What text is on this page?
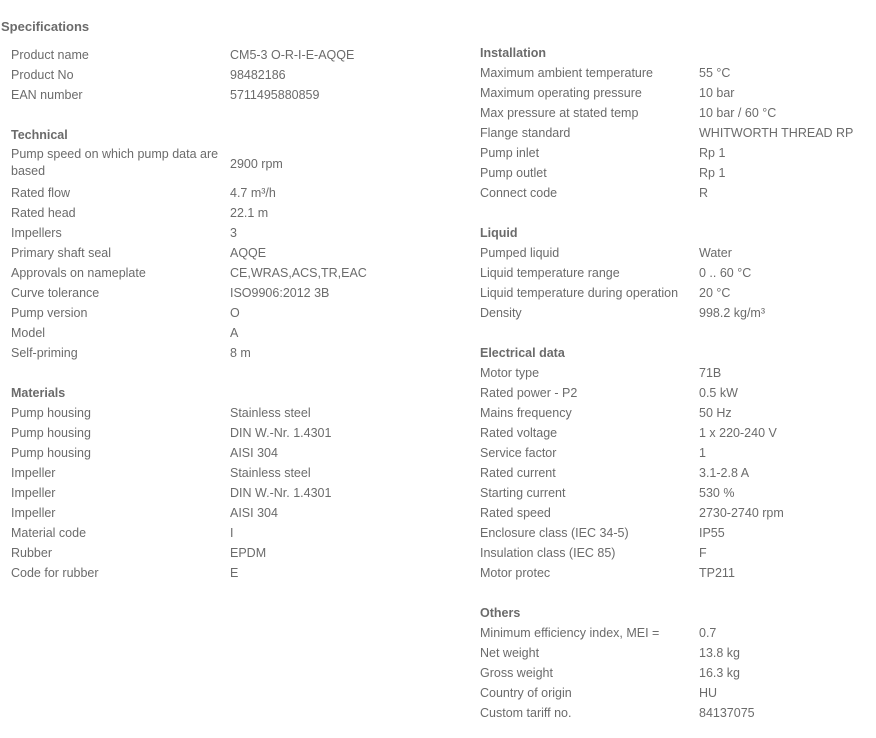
Specifications
Product name	CM5-3 O-R-I-E-AQQE
Product No	98482186
EAN number	5711495880859
Technical
Pump speed on which pump data are based	2900 rpm
Rated flow	4.7 m³/h
Rated head	22.1 m
Impellers	3
Primary shaft seal	AQQE
Approvals on nameplate	CE,WRAS,ACS,TR,EAC
Curve tolerance	ISO9906:2012 3B
Pump version	O
Model	A
Self-priming	8 m
Materials
Pump housing	Stainless steel
Pump housing	DIN W.-Nr. 1.4301
Pump housing	AISI 304
Impeller	Stainless steel
Impeller	DIN W.-Nr. 1.4301
Impeller	AISI 304
Material code	I
Rubber	EPDM
Code for rubber	E
Installation
Maximum ambient temperature	55 °C
Maximum operating pressure	10 bar
Max pressure at stated temp	10 bar / 60 °C
Flange standard	WHITWORTH THREAD RP
Pump inlet	Rp 1
Pump outlet	Rp 1
Connect code	R
Liquid
Pumped liquid	Water
Liquid temperature range	0 .. 60 °C
Liquid temperature during operation 20 °C
Density	998.2 kg/m³
Electrical data
Motor type	71B
Rated power - P2	0.5 kW
Mains frequency	50 Hz
Rated voltage	1 x 220-240 V
Service factor	1
Rated current	3.1-2.8 A
Starting current	530 %
Rated speed	2730-2740 rpm
Enclosure class (IEC 34-5)	IP55
Insulation class (IEC 85)	F
Motor protec	TP211
Others
Minimum efficiency index, MEI =	0.7
Net weight	13.8 kg
Gross weight	16.3 kg
Country of origin	HU
Custom tariff no.	84137075
